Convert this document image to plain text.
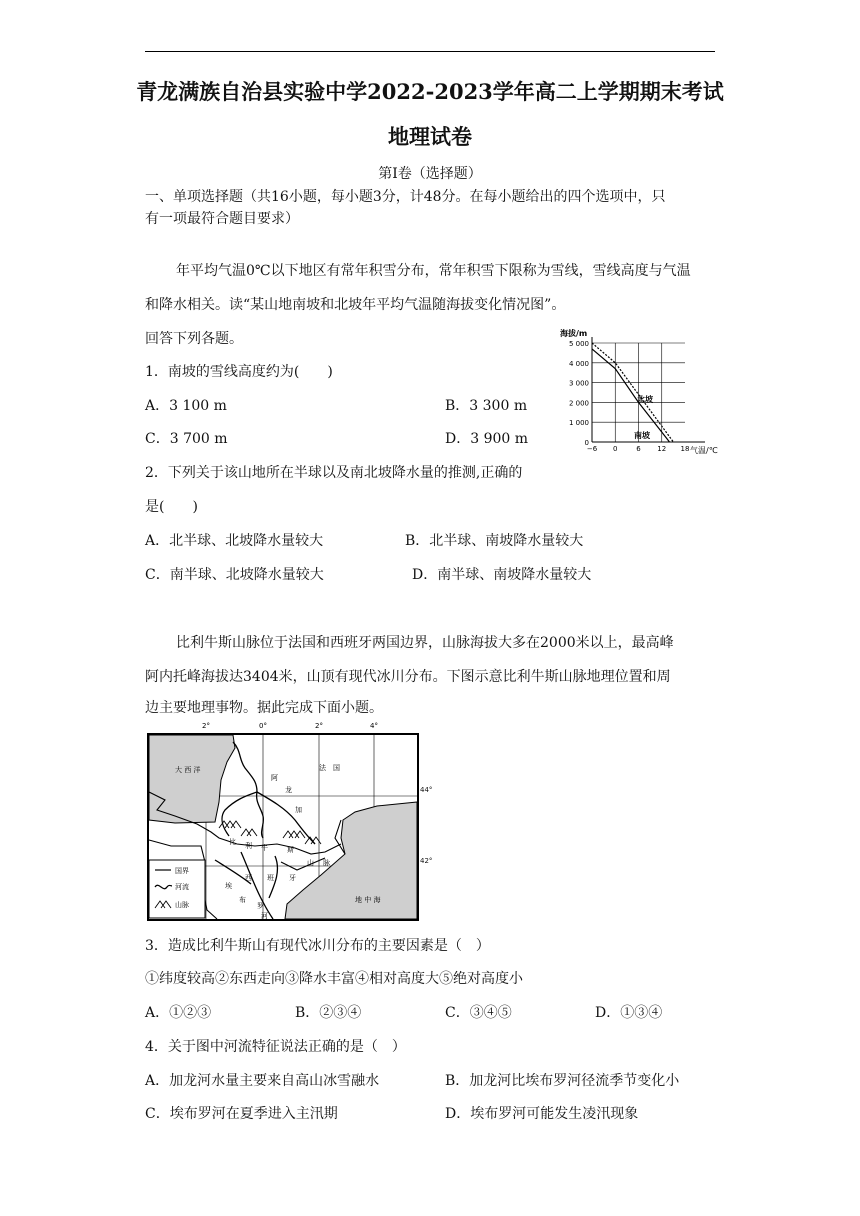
青龙满族自治县实验中学2022-2023学年高二上学期期末考试
地理试卷
第I卷（选择题）
一、单项选择题（共16小题，每小题3分，计48分。在每小题给出的四个选项中，只
有一项最符合题目要求）
年平均气温0℃以下地区有常年积雪分布，常年积雪下限称为雪线，雪线高度与气温
和降水相关。读“某山地南坡和北坡年平均气温随海拔变化情况图”。
回答下列各题。
1．南坡的雪线高度约为(　　)
A．3 100 m	B．3 300 m
C．3 700 m	D．3 900 m
2．下列关于该山地所在半球以及南北坡降水量的推测,正确的
是(　　)
A．北半球、北坡降水量较大	B．北半球、南坡降水量较大
C．南半球、北坡降水量较大	D．南半球、南坡降水量较大
海拔/m
0
1 000
2 000
3 000
4 000
5 000
−6 0	6 12 18 气温/℃
北坡
南坡
比利牛斯山脉位于法国和西班牙两国边界，山脉海拔大多在2000米以上，最高峰
阿内托峰海拔达3404米，山顶有现代冰川分布。下图示意比利牛斯山脉地理位置和周
边主要地理事物。据此完成下面小题。
2°	0°	2°	4°
大 西 洋	法　国
阿
龙
加
比 利 牛	斯
山 脉
西 班 牙
埃
布
罗
河
地 中 海
国界
河流
山脉
44°
42°
3．造成比利牛斯山有现代冰川分布的主要因素是（　）
①纬度较高②东西走向③降水丰富④相对高度大⑤绝对高度小
A．①②③	B．②③④	C．③④⑤	D．①③④
4．关于图中河流特征说法正确的是（　）
A．加龙河水量主要来自高山冰雪融水	B．加龙河比埃布罗河径流季节变化小
C．埃布罗河在夏季进入主汛期	D．埃布罗河可能发生凌汛现象
